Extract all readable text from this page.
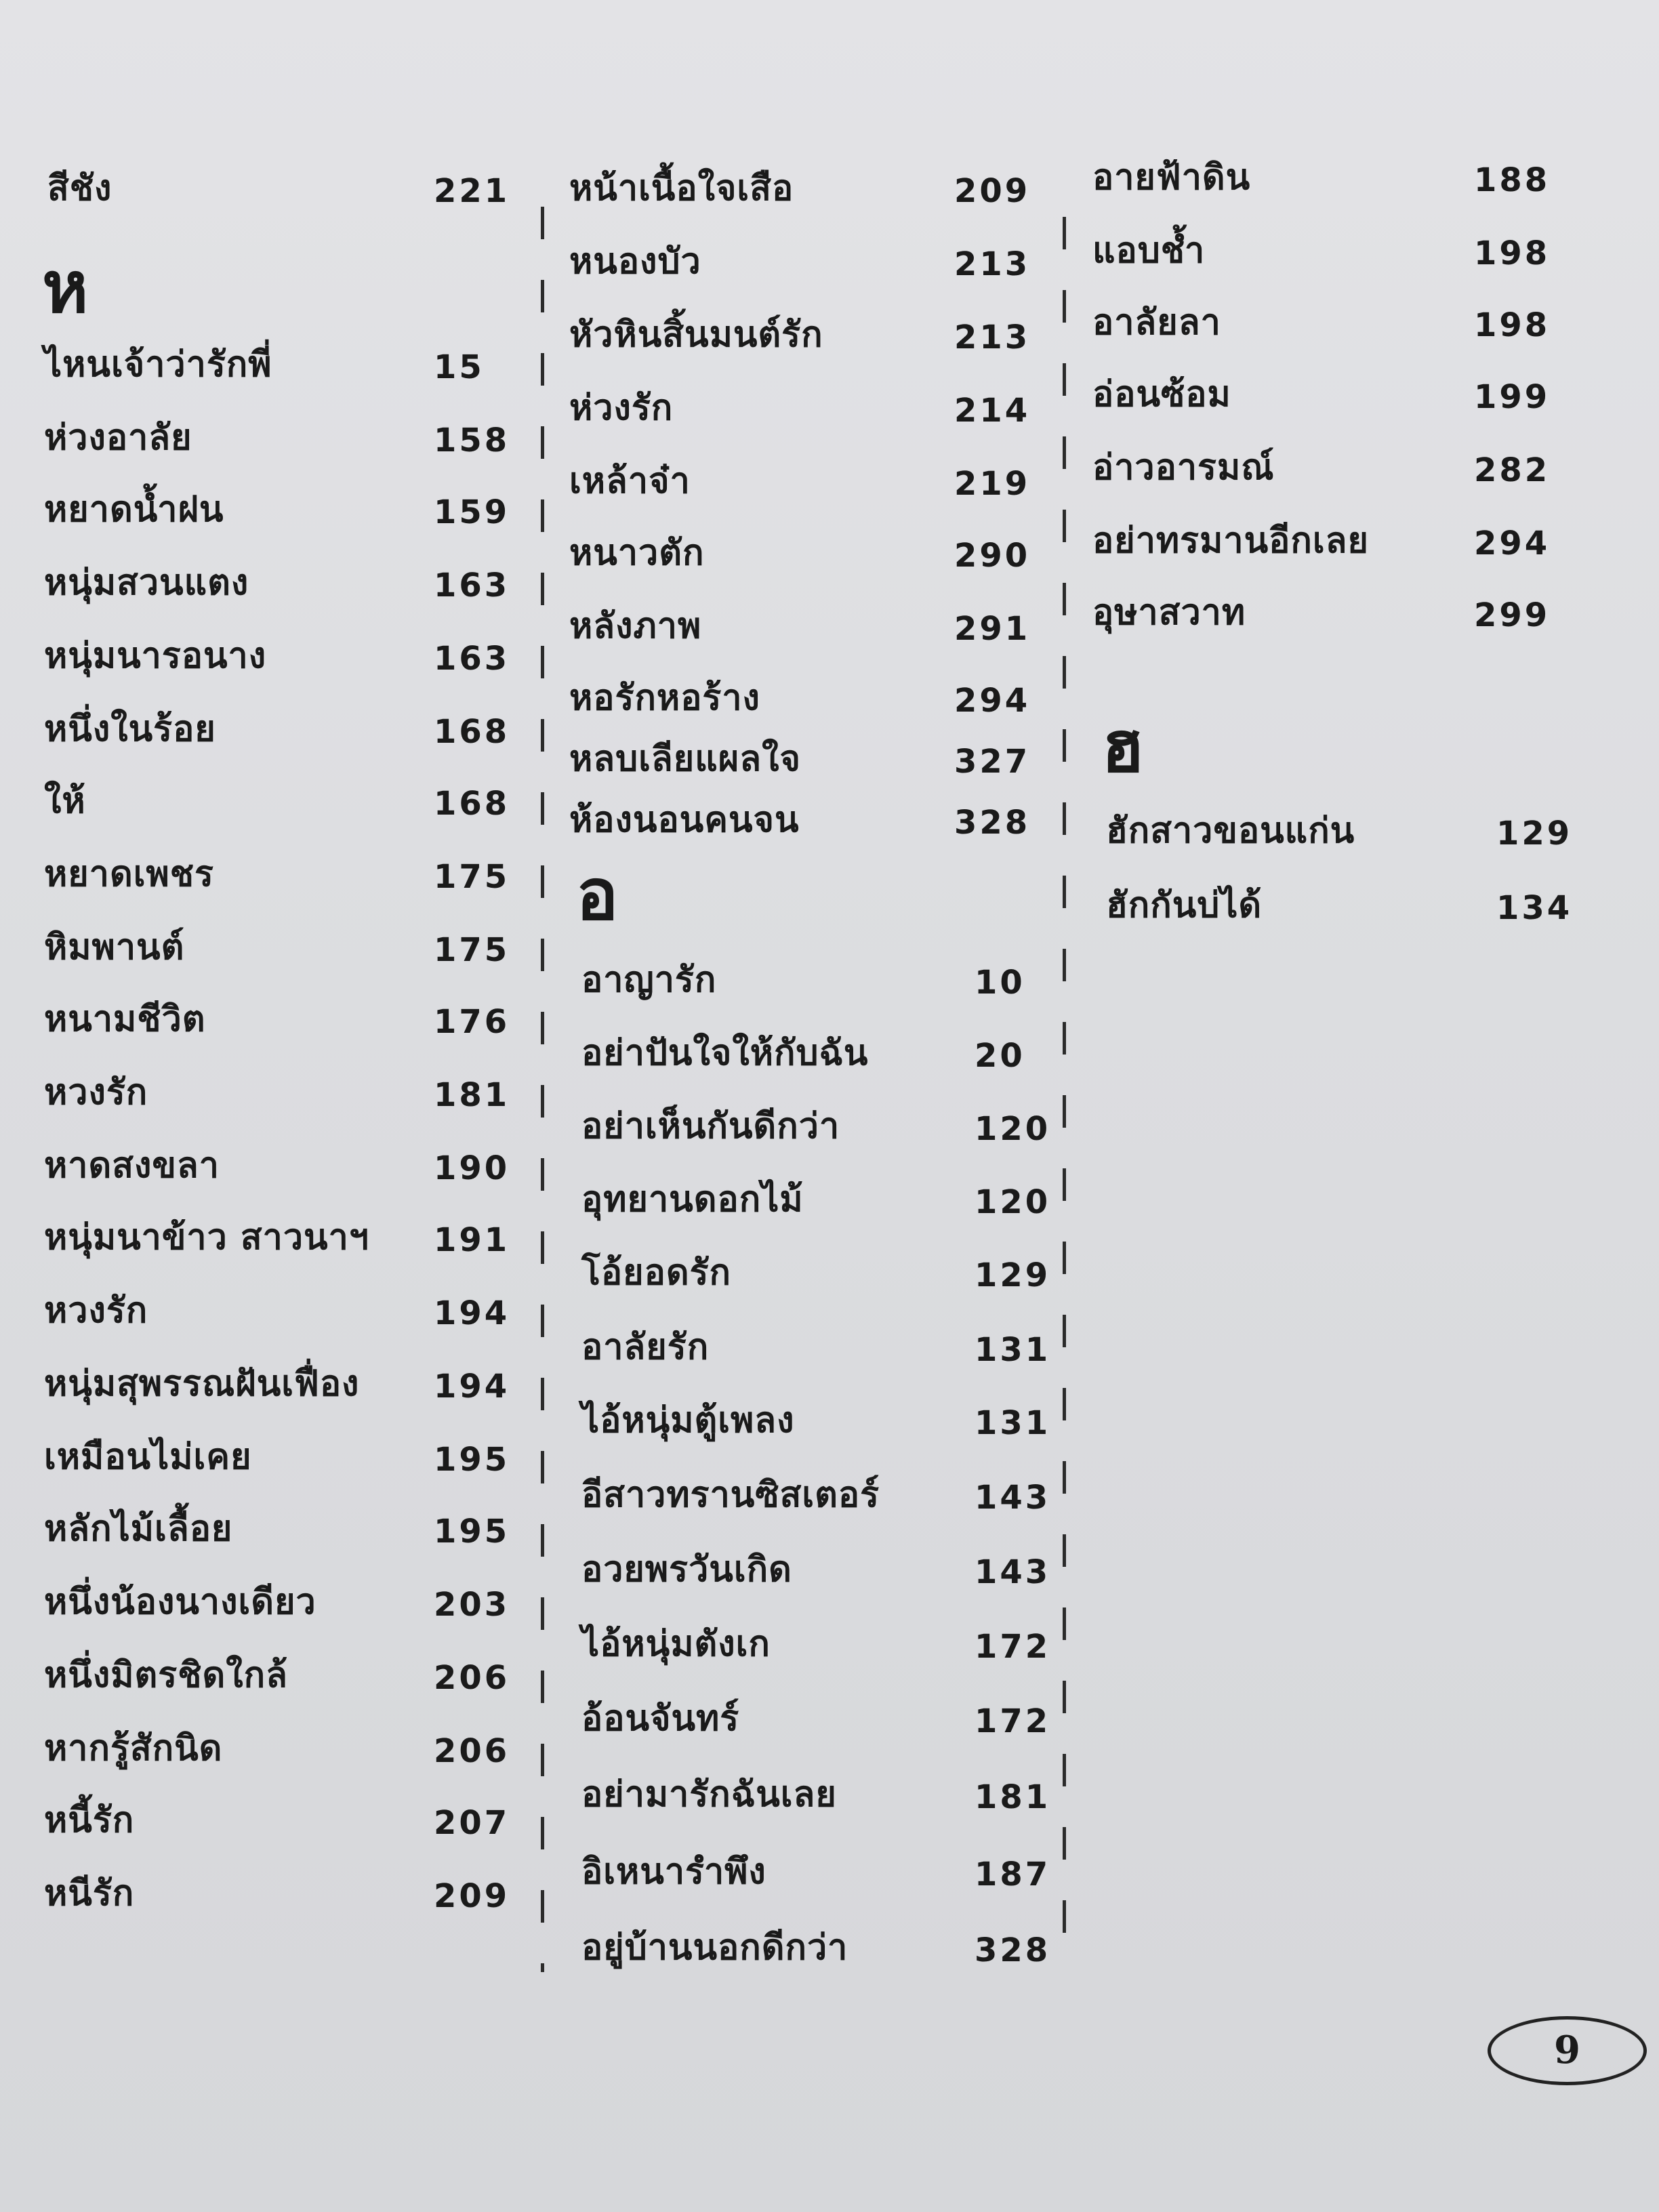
สีชัง	221
ห
อ
ฮ
ไหนเจ้าว่ารักพี่	15
ห่วงอาลัย	158
หยาดน้ำฝน	159
หนุ่มสวนแตง	163
หนุ่มนารอนาง	163
หนึ่งในร้อย	168
ให้	168
หยาดเพชร	175
หิมพานต์	175
หนามชีวิต	176
หวงรัก	181
หาดสงขลา	190
หนุ่มนาข้าว สาวนาฯ 191
หวงรัก	194
หนุ่มสุพรรณฝันเฟื่อง 194
เหมือนไม่เคย	195
หลักไม้เลื้อย	195
หนึ่งน้องนางเดียว	203
หนึ่งมิตรชิดใกล้	206
หากรู้สักนิด	206
หนี้รัก	207
หนีรัก	209
หน้าเนื้อใจเสือ	209
หนองบัว	213
หัวหินสิ้นมนต์รัก	213
ห่วงรัก	214
เหล้าจ๋า	219
หนาวตัก	290
หลังภาพ	291
หอรักหอร้าง	294
หลบเลียแผลใจ	327
ห้องนอนคนจน	328
อาญารัก	10
อย่าปันใจให้กับฉัน	20
อย่าเห็นกันดีกว่า	120
อุทยานดอกไม้	120
โอ้ยอดรัก	129
อาลัยรัก	131
ไอ้หนุ่มตู้เพลง	131
อีสาวทรานซิสเตอร์	143
อวยพรวันเกิด	143
ไอ้หนุ่มตังเก	172
อ้อนจันทร์	172
อย่ามารักฉันเลย	181
อิเหนารำพึง	187
อยู่บ้านนอกดีกว่า	328
อายฟ้าดิน	188
แอบช้ำ	198
อาลัยลา	198
อ่อนซ้อม	199
อ่าวอารมณ์	282
อย่าทรมานอีกเลย	294
อุษาสวาท	299
ฮักสาวขอนแก่น	129
ฮักกันบ่ได้	134
9
